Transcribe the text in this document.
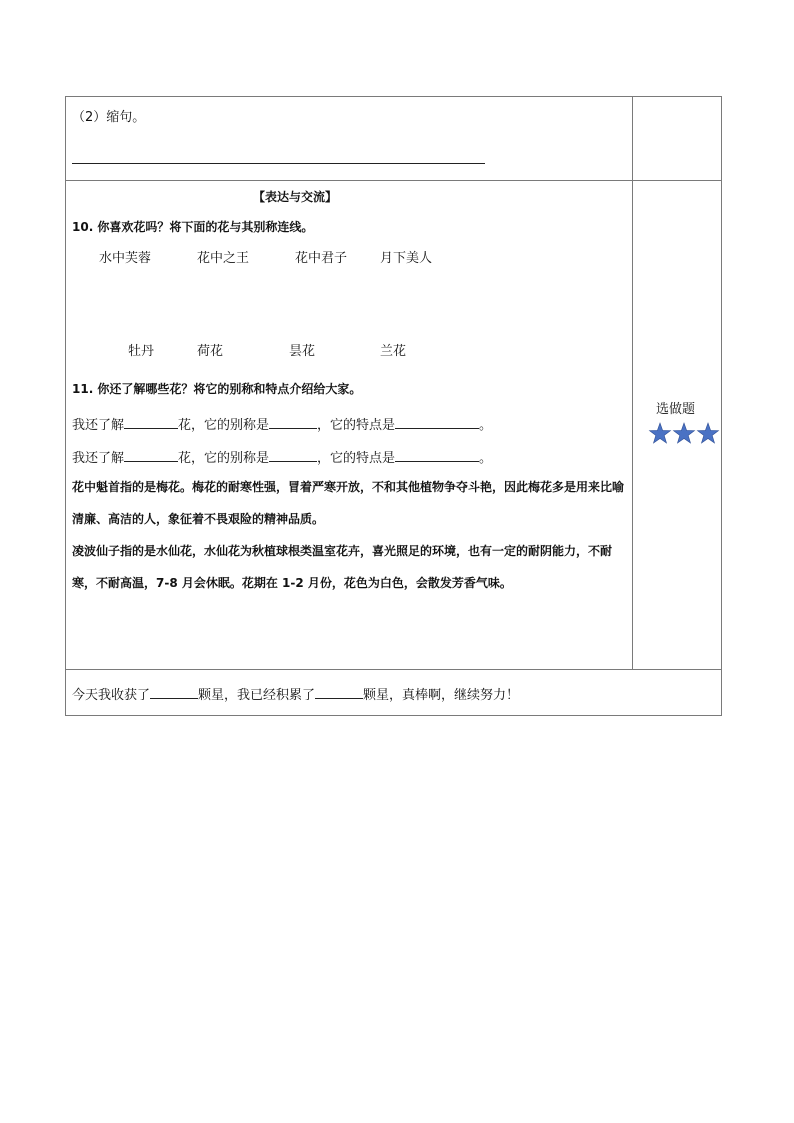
（2）缩句。
【表达与交流】
10. 你喜欢花吗？将下面的花与其别称连线。
水中芙蓉	花中之王	花中君子	月下美人
牡丹	荷花	昙花	兰花
11. 你还了解哪些花？将它的别称和特点介绍给大家。
我还了解	花，它的别称是	，它的特点是	。
我还了解	花，它的别称是	，它的特点是	。
花中魁首指的是梅花。梅花的耐寒性强，冒着严寒开放，不和其他植物争夺斗艳，因此梅花多是用来比喻清廉、高洁的人，象征着不畏艰险的精神品质。
凌波仙子指的是水仙花，水仙花为秋植球根类温室花卉，喜光照足的环境，也有一定的耐阴能力，不耐寒，不耐高温，7-8 月会休眠。花期在 1-2 月份，花色为白色，会散发芳香气味。
选做题
今天我收获了	颗星，我已经积累了	颗星，真棒啊，继续努力！
